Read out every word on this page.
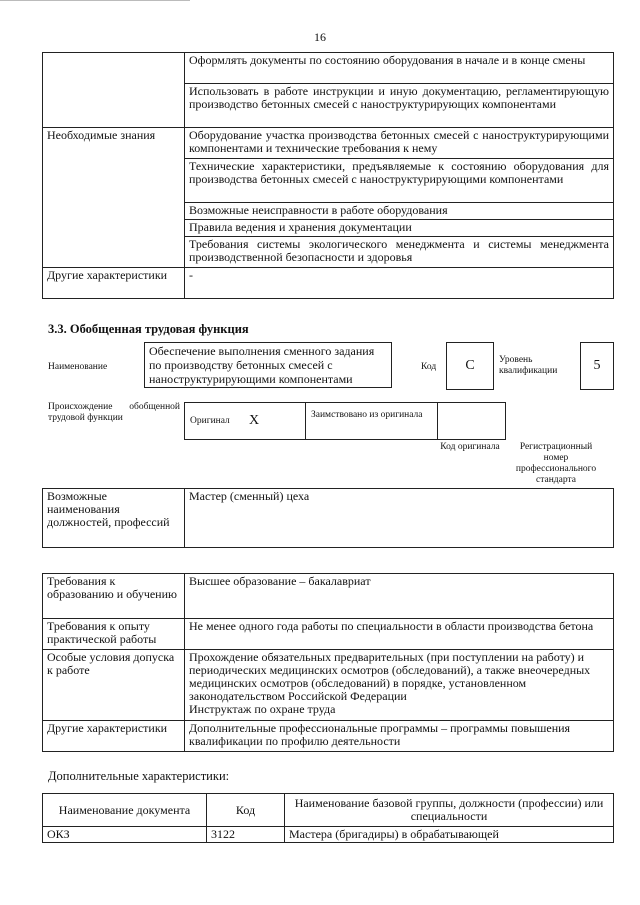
16
	Оформлять документы по состоянию оборудования в начале и в конце смены
	Использовать в работе инструкции и иную документацию, регламентирующую производство бетонных смесей с наноструктурирующих компонентами
Необходимые знания	Оборудование участка производства бетонных смесей с наноструктурирующими компонентами и технические требования к нему
	Технические характеристики, предъявляемые к состоянию оборудования для производства бетонных смесей с наноструктурирующими компонентами
	Возможные неисправности в работе оборудования
	Правила ведения и хранения документации
	Требования системы экологического менеджмента и системы менеджмента производственной безопасности и здоровья
Другие характеристики	-
3.3. Обобщенная трудовая функция
Наименование
Обеспечение выполнения сменного задания по производству бетонных смесей с наноструктурирующими компонентами
Код	C	Уровень квалификации	5
Происхождение обобщенной трудовой функции	Оригинал X	Заимствовано из оригинала
Код оригинала	Регистрационный номер профессионального стандарта
Возможные наименования должностей, профессий	Мастер (сменный) цеха
Требования к образованию и обучению	Высшее образование – бакалавриат
Требования к опыту практической работы	Не менее одного года работы по специальности в области производства бетона
Особые условия допуска к работе	Прохождение обязательных предварительных (при поступлении на работу) и периодических медицинских осмотров (обследований), а также внеочередных медицинских осмотров (обследований) в порядке, установленном законодательством Российской Федерации
Инструктаж по охране труда
Другие характеристики	Дополнительные профессиональные программы – программы повышения квалификации по профилю деятельности
Дополнительные характеристики:
Наименование документа	Код	Наименование базовой группы, должности (профессии) или специальности
ОКЗ	3122	Мастера (бригадиры) в обрабатывающей
